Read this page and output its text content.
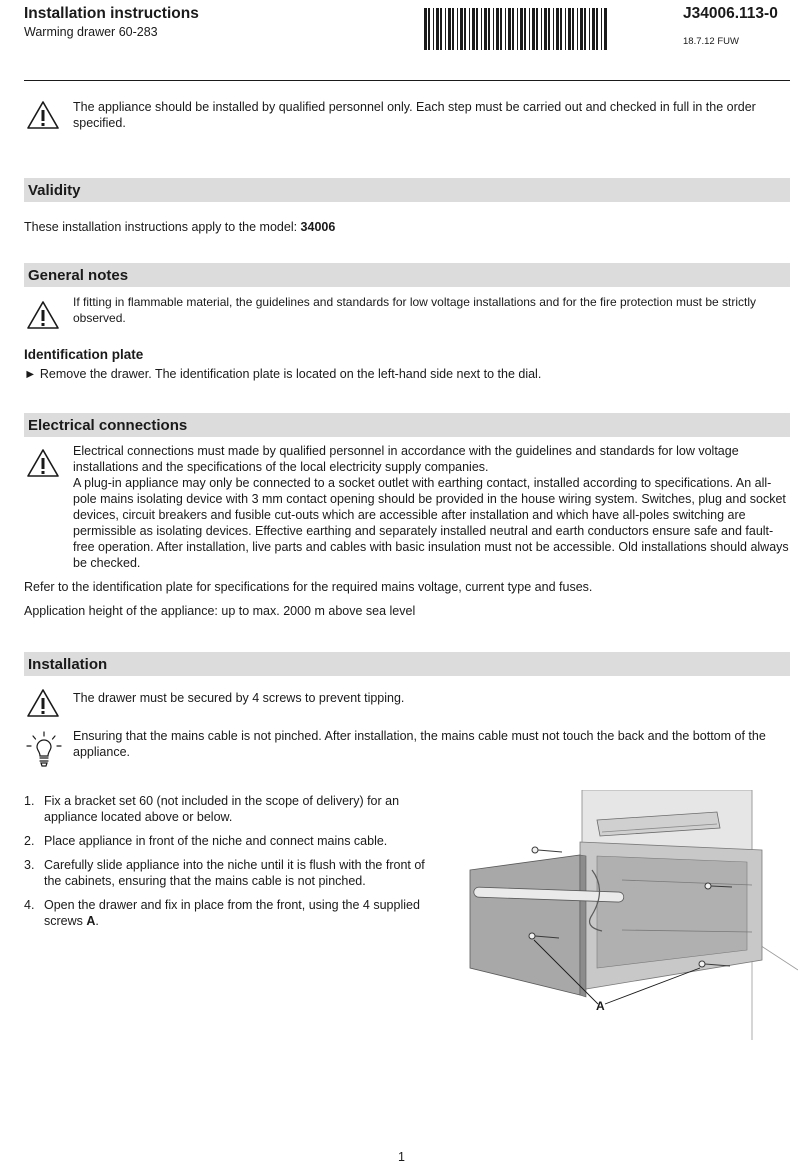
Installation instructions
Warming drawer 60-283
J34006.113-0
18.7.12 FUW
The appliance should be installed by qualified personnel only. Each step must be carried out and checked in full in the order specified.
Validity
These installation instructions apply to the model: 34006
General notes
If fitting in flammable material, the guidelines and standards for low voltage installations and for the fire protection must be strictly observed.
Identification plate
► Remove the drawer. The identification plate is located on the left-hand side next to the dial.
Electrical connections
Electrical connections must made by qualified personnel in accordance with the guidelines and standards for low voltage installations and the specifications of the local electricity supply companies.
A plug-in appliance may only be connected to a socket outlet with earthing contact, installed according to specifications. An all-pole mains isolating device with 3 mm contact opening should be provided in the house wiring system. Switches, plug and socket devices, circuit breakers and fusible cut-outs which are accessible after installation and which have all-poles switching are permissible as isolating devices. Effective earthing and separately installed neutral and earth conductors ensure safe and fault-free operation. After installation, live parts and cables with basic insulation must not be accessible. Old installations should always be checked.
Refer to the identification plate for specifications for the required mains voltage, current type and fuses.
Application height of the appliance: up to max. 2000 m above sea level
Installation
The drawer must be secured by 4 screws to prevent tipping.
Ensuring that the mains cable is not pinched. After installation, the mains cable must not touch the back and the bottom of the appliance.
1. Fix a bracket set 60 (not included in the scope of delivery) for an appliance located above or below.
2. Place appliance in front of the niche and connect mains cable.
3. Carefully slide appliance into the niche until it is flush with the front of the cabinets, ensuring that the mains cable is not pinched.
4. Open the drawer and fix in place from the front, using the 4 supplied screws A.
A
1
